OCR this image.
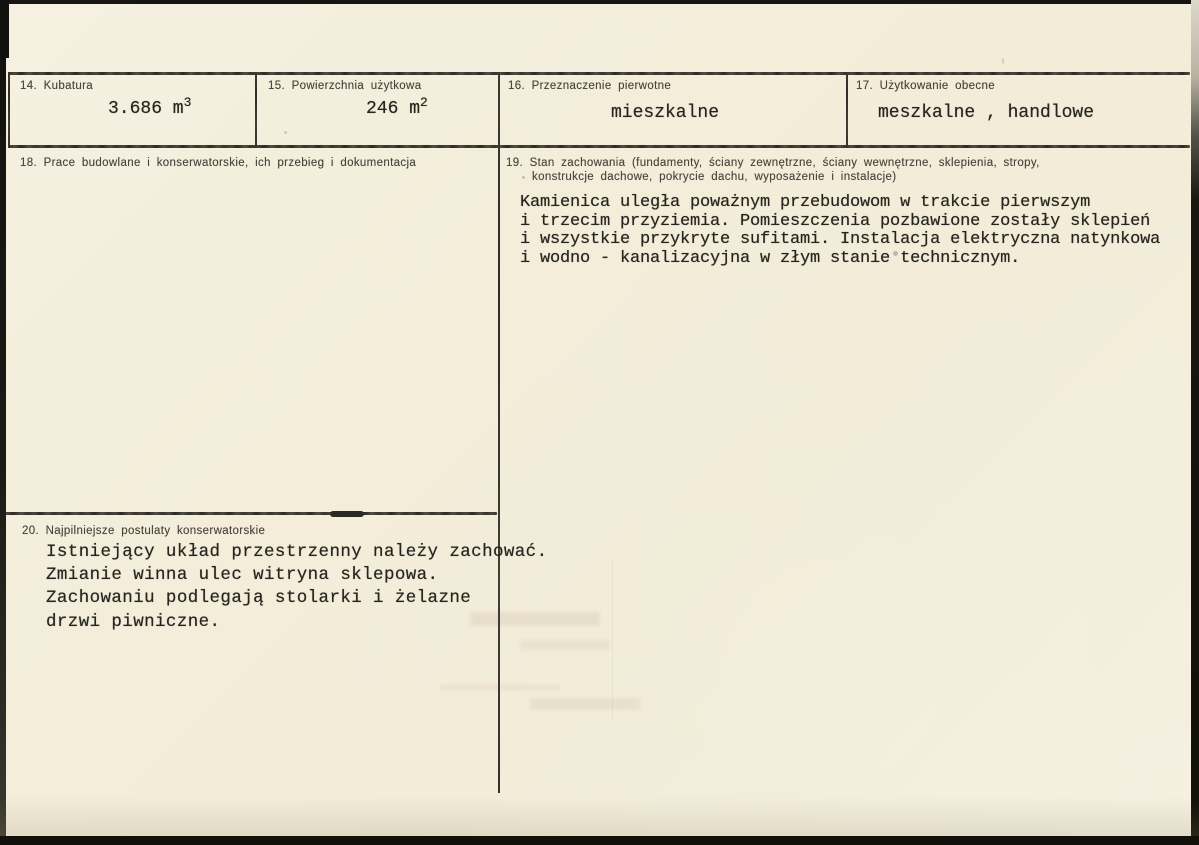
14. Kubatura
3.686 $m^3$
15. Powierzchnia użytkowa
246 $m^2$
16. Przeznaczenie pierwotne
mieszkalne
17. Użytkowanie obecne
meszkalne , handlowe
18. Prace budowlane i konserwatorskie, ich przebieg i dokumentacja	19. Stan zachowania (fundamenty, ściany zewnętrzne, ściany wewnętrzne, sklepienia, stropy,
konstrukcje dachowe, pokrycie dachu, wyposażenie i instalacje)
Kamienica uległa poważnym przebudowom w trakcie pierwszym
i trzecim przyziemia. Pomieszczenia pozbawione zostały sklepień
i wszystkie przykryte sufitami. Instalacja elektryczna natynkowa
i wodno - kanalizacyjna w złym stanie technicznym.
20. Najpilniejsze postulaty konserwatorskie
Istniejący układ przestrzenny należy zachować.
Zmianie winna ulec witryna sklepowa.
Zachowaniu podlegają stolarki i żelazne
drzwi piwniczne.
